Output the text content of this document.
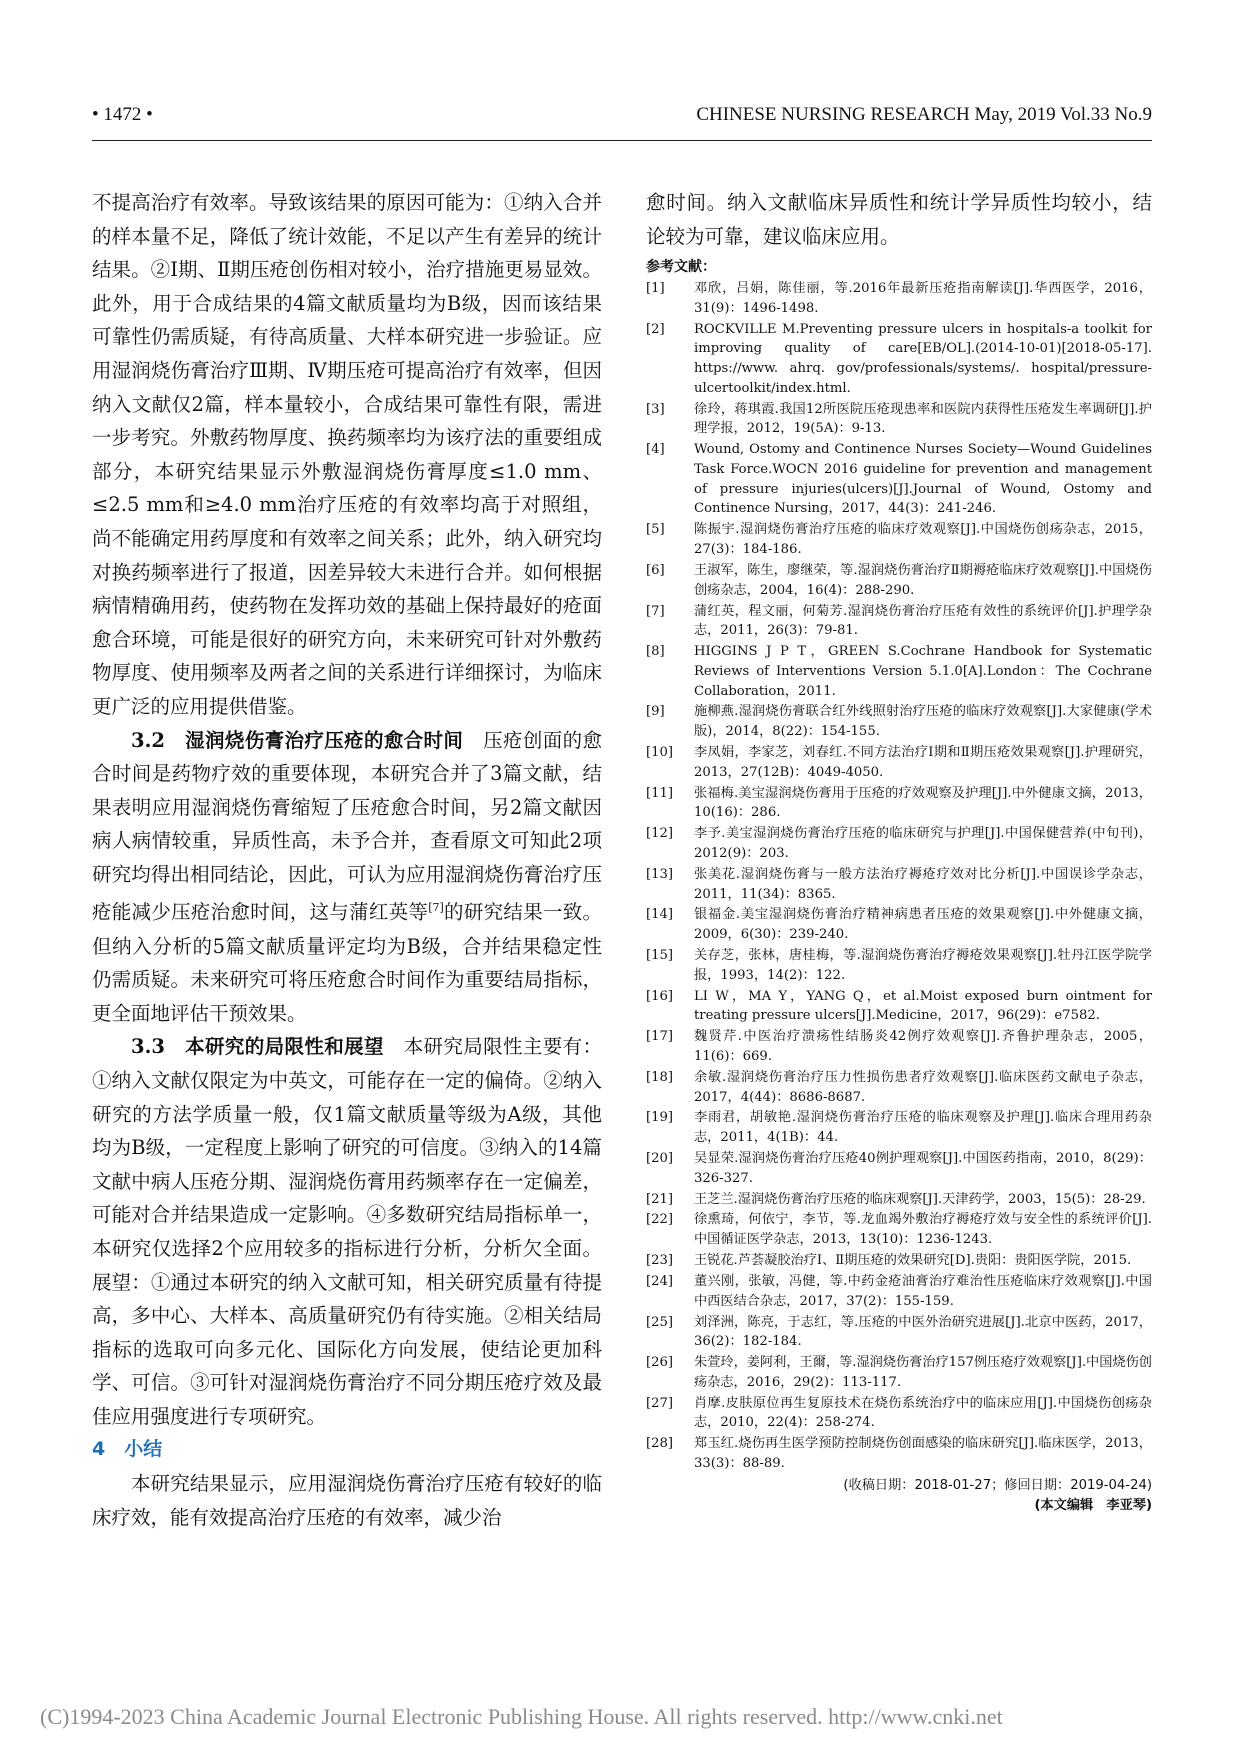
• 1472 •	CHINESE NURSING RESEARCH May, 2019 Vol.33 No.9

不提高治疗有效率。导致该结果的原因可能为：①纳入合并的样本量不足，降低了统计效能，不足以产生有差异的统计结果。②Ⅰ期、Ⅱ期压疮创伤相对较小，治疗措施更易显效。此外，用于合成结果的4篇文献质量均为B级，因而该结果可靠性仍需质疑，有待高质量、大样本研究进一步验证。应用湿润烧伤膏治疗Ⅲ期、Ⅳ期压疮可提高治疗有效率，但因纳入文献仅2篇，样本量较小，合成结果可靠性有限，需进一步考究。外敷药物厚度、换药频率均为该疗法的重要组成部分，本研究结果显示外敷湿润烧伤膏厚度≤1.0 mm、≤2.5 mm和≥4.0 mm治疗压疮的有效率均高于对照组，尚不能确定用药厚度和有效率之间关系；此外，纳入研究均对换药频率进行了报道，因差异较大未进行合并。如何根据病情精确用药，使药物在发挥功效的基础上保持最好的疮面愈合环境，可能是很好的研究方向，未来研究可针对外敷药物厚度、使用频率及两者之间的关系进行详细探讨，为临床更广泛的应用提供借鉴。

3.2　湿润烧伤膏治疗压疮的愈合时间　压疮创面的愈合时间是药物疗效的重要体现，本研究合并了3篇文献，结果表明应用湿润烧伤膏缩短了压疮愈合时间，另2篇文献因病人病情较重，异质性高，未予合并，查看原文可知此2项研究均得出相同结论，因此，可认为应用湿润烧伤膏治疗压疮能减少压疮治愈时间，这与蒲红英等[7]的研究结果一致。但纳入分析的5篇文献质量评定均为B级，合并结果稳定性仍需质疑。未来研究可将压疮愈合时间作为重要结局指标，更全面地评估干预效果。

3.3　本研究的局限性和展望　本研究局限性主要有：①纳入文献仅限定为中英文，可能存在一定的偏倚。②纳入研究的方法学质量一般，仅1篇文献质量等级为A级，其他均为B级，一定程度上影响了研究的可信度。③纳入的14篇文献中病人压疮分期、湿润烧伤膏用药频率存在一定偏差，可能对合并结果造成一定影响。④多数研究结局指标单一，本研究仅选择2个应用较多的指标进行分析，分析欠全面。展望：①通过本研究的纳入文献可知，相关研究质量有待提高，多中心、大样本、高质量研究仍有待实施。②相关结局指标的选取可向多元化、国际化方向发展，使结论更加科学、可信。③可针对湿润烧伤膏治疗不同分期压疮疗效及最佳应用强度进行专项研究。

4　小结

本研究结果显示，应用湿润烧伤膏治疗压疮有较好的临床疗效，能有效提高治疗压疮的有效率，减少治

愈时间。纳入文献临床异质性和统计学异质性均较小，结论较为可靠，建议临床应用。

参考文献：
[1]	邓欣，吕娟，陈佳丽，等.2016年最新压疮指南解读[J].华西医学，2016，31(9)：1496-1498.
[2]	ROCKVILLE M.Preventing pressure ulcers in hospitals-a toolkit for improving quality of care[EB/OL].(2014-10-01)[2018-05-17]. https://www. ahrq. gov/professionals/systems/. hospital/pressure-ulcertoolkit/index.html.
[3]	徐玲，蒋琪霞.我国12所医院压疮现患率和医院内获得性压疮发生率调研[J].护理学报，2012，19(5A)：9-13.
[4]	Wound, Ostomy and Continence Nurses Society—Wound Guidelines Task Force.WOCN 2016 guideline for prevention and management of pressure injuries(ulcers)[J].Journal of Wound, Ostomy and Continence Nursing，2017，44(3)：241-246.
[5]	陈振宇.湿润烧伤膏治疗压疮的临床疗效观察[J].中国烧伤创疡杂志，2015，27(3)：184-186.
[6]	王淑军，陈生，廖继荣，等.湿润烧伤膏治疗Ⅱ期褥疮临床疗效观察[J].中国烧伤创疡杂志，2004，16(4)：288-290.
[7]	蒲红英，程文丽，何菊芳.湿润烧伤膏治疗压疮有效性的系统评价[J].护理学杂志，2011，26(3)：79-81.
[8]	HIGGINS J P T，GREEN S.Cochrane Handbook for Systematic Reviews of Interventions Version 5.1.0[A].London：The Cochrane Collaboration，2011.
[9]	施柳燕.湿润烧伤膏联合红外线照射治疗压疮的临床疗效观察[J].大家健康(学术版)，2014，8(22)：154-155.
[10]	李凤娟，李家芝，刘春红.不同方法治疗Ⅰ期和Ⅱ期压疮效果观察[J].护理研究，2013，27(12B)：4049-4050.
[11]	张福梅.美宝湿润烧伤膏用于压疮的疗效观察及护理[J].中外健康文摘，2013，10(16)：286.
[12]	李予.美宝湿润烧伤膏治疗压疮的临床研究与护理[J].中国保健营养(中旬刊)，2012(9)：203.
[13]	张美花.湿润烧伤膏与一般方法治疗褥疮疗效对比分析[J].中国误诊学杂志，2011，11(34)：8365.
[14]	银福金.美宝湿润烧伤膏治疗精神病患者压疮的效果观察[J].中外健康文摘，2009，6(30)：239-240.
[15]	关存芝，张林，唐桂梅，等.湿润烧伤膏治疗褥疮效果观察[J].牡丹江医学院学报，1993，14(2)：122.
[16]	LI W，MA Y，YANG Q，et al.Moist exposed burn ointment for treating pressure ulcers[J].Medicine，2017，96(29)：e7582.
[17]	魏贤芹.中医治疗溃疡性结肠炎42例疗效观察[J].齐鲁护理杂志，2005，11(6)：669.
[18]	余敏.湿润烧伤膏治疗压力性损伤患者疗效观察[J].临床医药文献电子杂志，2017，4(44)：8686-8687.
[19]	李雨君，胡敏艳.湿润烧伤膏治疗压疮的临床观察及护理[J].临床合理用药杂志，2011，4(1B)：44.
[20]	吴显荣.湿润烧伤膏治疗压疮40例护理观察[J].中国医药指南，2010，8(29)：326-327.
[21]	王芝兰.湿润烧伤膏治疗压疮的临床观察[J].天津药学，2003，15(5)：28-29.
[22]	徐熏琦，何依宁，李节，等.龙血竭外敷治疗褥疮疗效与安全性的系统评价[J].中国循证医学杂志，2013，13(10)：1236-1243.
[23]	王锐花.芦荟凝胶治疗Ⅰ、Ⅱ期压疮的效果研究[D].贵阳：贵阳医学院，2015.
[24]	董兴刚，张敏，冯健，等.中药金疮油膏治疗难治性压疮临床疗效观察[J].中国中西医结合杂志，2017，37(2)：155-159.
[25]	刘泽洲，陈亮，于志红，等.压疮的中医外治研究进展[J].北京中医药，2017，36(2)：182-184.
[26]	朱萱玲，姜阿利，王爾，等.湿润烧伤膏治疗157例压疮疗效观察[J].中国烧伤创疡杂志，2016，29(2)：113-117.
[27]	肖摩.皮肤原位再生复原技术在烧伤系统治疗中的临床应用[J].中国烧伤创疡杂志，2010，22(4)：258-274.
[28]	郑玉红.烧伤再生医学预防控制烧伤创面感染的临床研究[J].临床医学，2013，33(3)：88-89.
(收稿日期：2018-01-27；修回日期：2019-04-24)
(本文编辑　李亚琴)
(C)1994-2023 China Academic Journal Electronic Publishing House. All rights reserved. http://www.cnki.net
